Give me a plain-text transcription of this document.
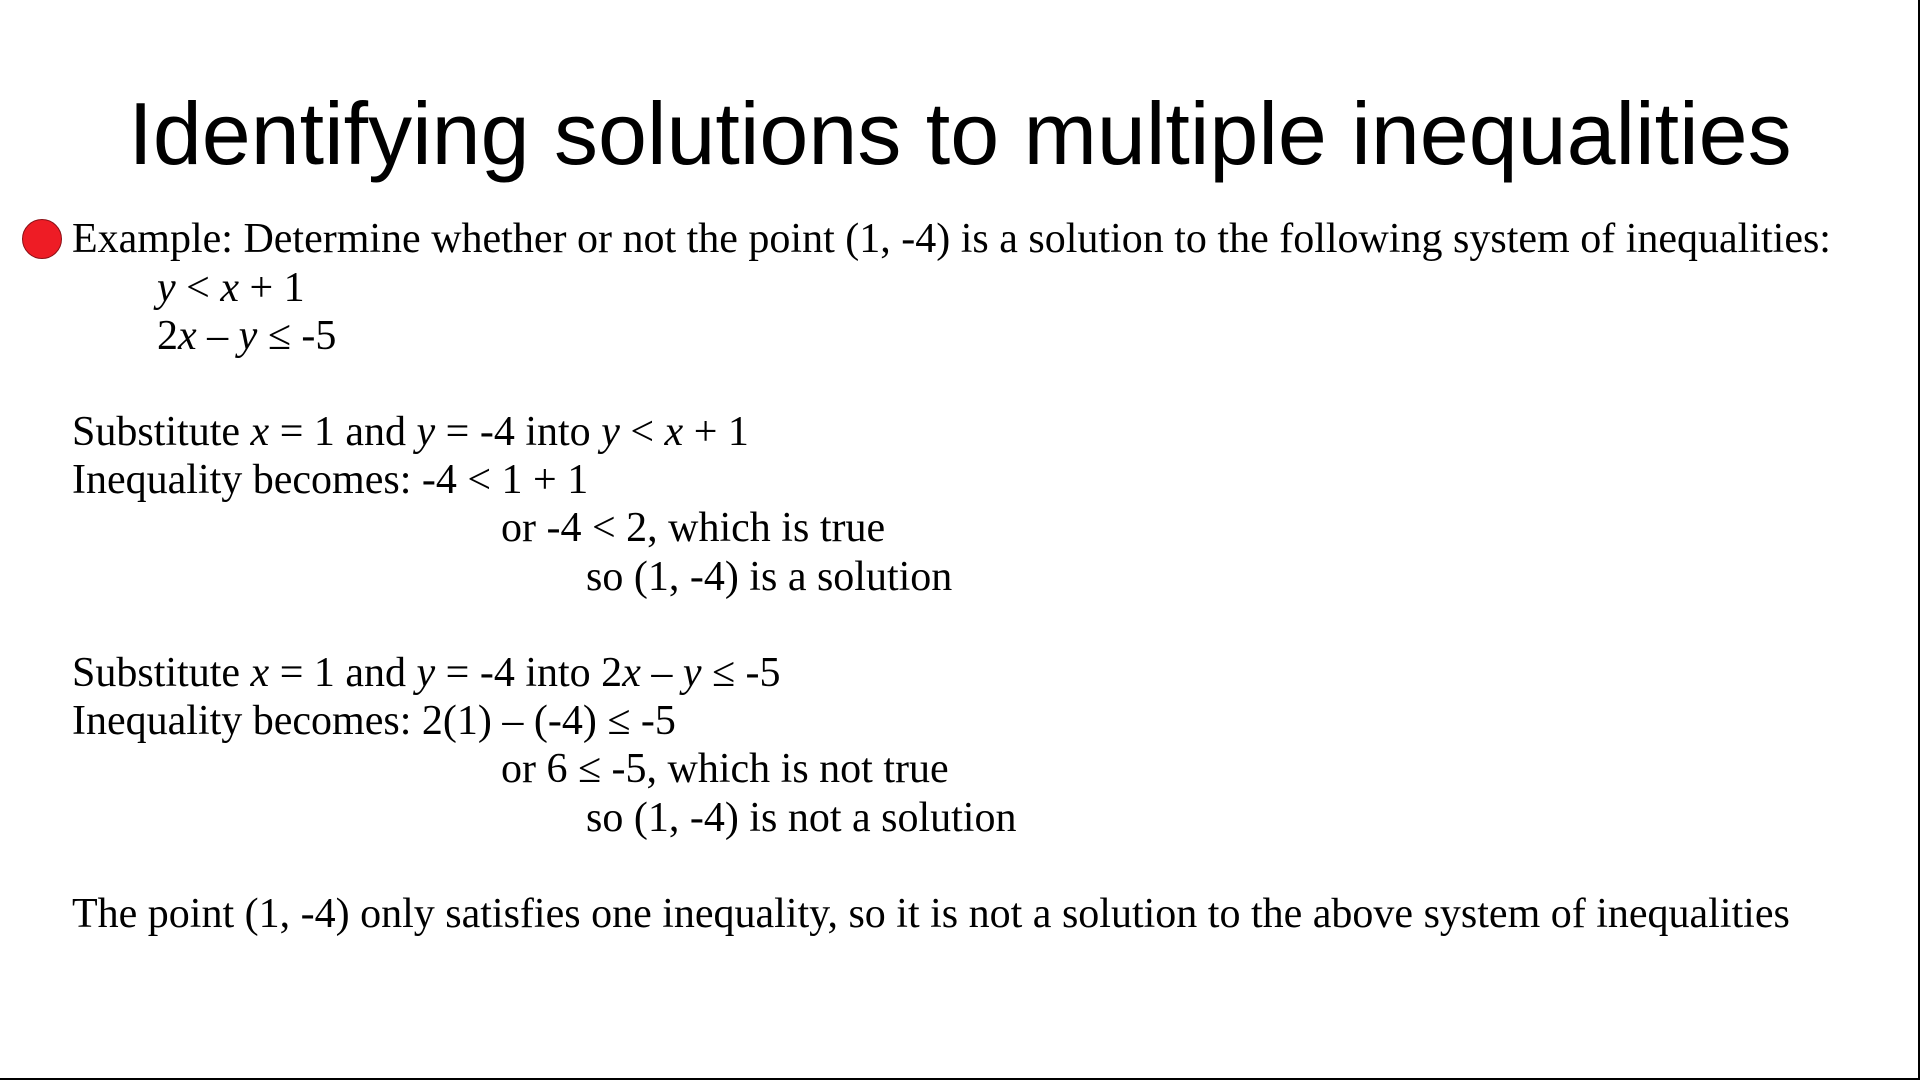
Identifying solutions to multiple inequalities
Example: Determine whether or not the point (1, -4) is a solution to the following system of inequalities:
y < x + 1
2x – y ≤ -5
Substitute x = 1 and y = -4 into y < x + 1
Inequality becomes: -4 < 1 + 1
or -4 < 2, which is true
so (1, -4) is a solution
Substitute x = 1 and y = -4 into 2x – y ≤ -5
Inequality becomes: 2(1) – (-4) ≤ -5
or 6 ≤ -5, which is not true
so (1, -4) is not a solution
The point (1, -4) only satisfies one inequality, so it is not a solution to the above system of inequalities
